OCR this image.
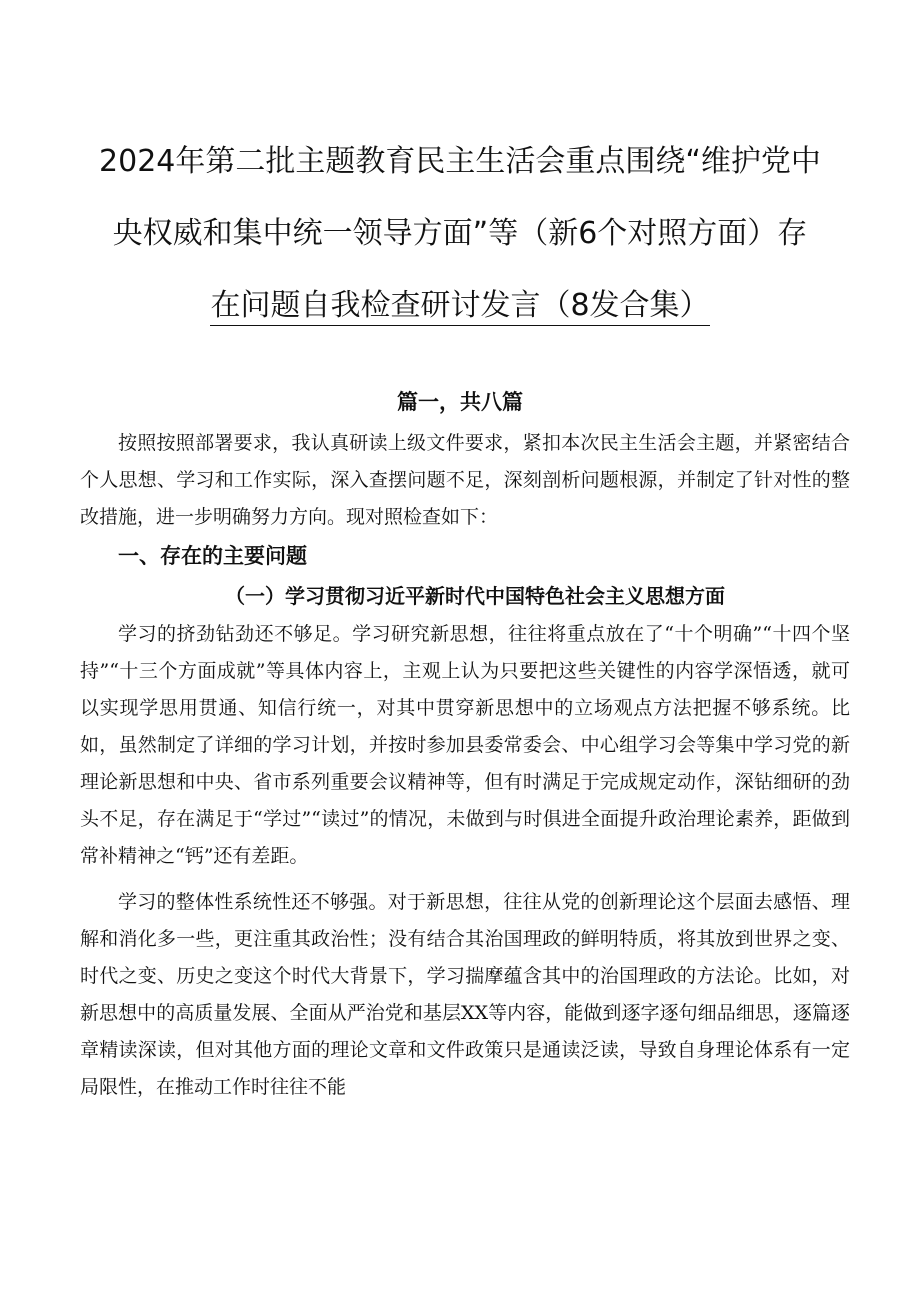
2024年第二批主题教育民主生活会重点围绕“维护党中
央权威和集中统一领导方面”等（新6个对照方面）存
在问题自我检查研讨发言（8发合集）
篇一，共八篇

按照按照部署要求，我认真研读上级文件要求，紧扣本次民主生活会主题，并紧密结合个人思想、学习和工作实际，深入查摆问题不足，深刻剖析问题根源，并制定了针对性的整改措施，进一步明确努力方向。现对照检查如下：

一、存在的主要问题
（一）学习贯彻习近平新时代中国特色社会主义思想方面

学习的挤劲钻劲还不够足。学习研究新思想，往往将重点放在了“十个明确”“十四个坚持”“十三个方面成就”等具体内容上，主观上认为只要把这些关键性的内容学深悟透，就可以实现学思用贯通、知信行统一，对其中贯穿新思想中的立场观点方法把握不够系统。比如，虽然制定了详细的学习计划，并按时参加县委常委会、中心组学习会等集中学习党的新理论新思想和中央、省市系列重要会议精神等，但有时满足于完成规定动作，深钻细研的劲头不足，存在满足于“学过”“读过”的情况，未做到与时俱进全面提升政治理论素养，距做到常补精神之“钙”还有差距。

学习的整体性系统性还不够强。对于新思想，往往从党的创新理论这个层面去感悟、理解和消化多一些，更注重其政治性；没有结合其治国理政的鲜明特质，将其放到世界之变、时代之变、历史之变这个时代大背景下，学习揣摩蕴含其中的治国理政的方法论。比如，对新思想中的高质量发展、全面从严治党和基层XX等内容，能做到逐字逐句细品细思，逐篇逐章精读深读，但对其他方面的理论文章和文件政策只是通读泛读，导致自身理论体系有一定局限性，在推动工作时往往不能
